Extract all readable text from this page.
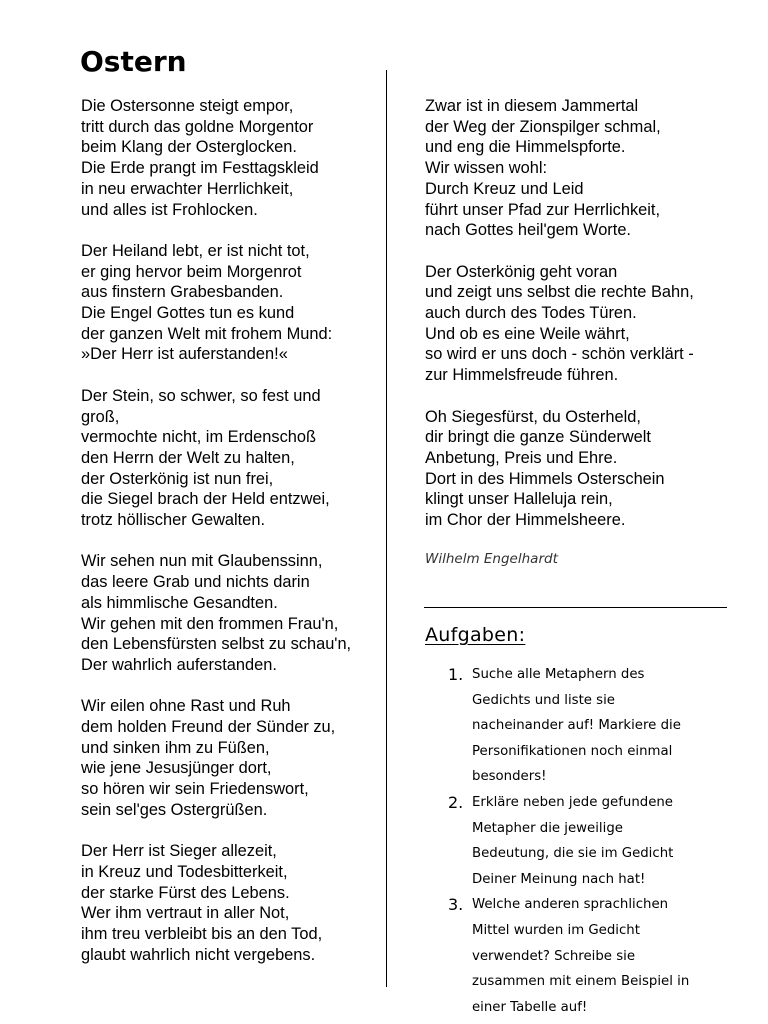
Ostern

Die Ostersonne steigt empor,
tritt durch das goldne Morgentor
beim Klang der Osterglocken.
Die Erde prangt im Festtagskleid
in neu erwachter Herrlichkeit,
und alles ist Frohlocken.

Der Heiland lebt, er ist nicht tot,
er ging hervor beim Morgenrot
aus finstern Grabesbanden.
Die Engel Gottes tun es kund
der ganzen Welt mit frohem Mund:
»Der Herr ist auferstanden!«

Der Stein, so schwer, so fest und
groß,
vermochte nicht, im Erdenschoß
den Herrn der Welt zu halten,
der Osterkönig ist nun frei,
die Siegel brach der Held entzwei,
trotz höllischer Gewalten.

Wir sehen nun mit Glaubenssinn,
das leere Grab und nichts darin
als himmlische Gesandten.
Wir gehen mit den frommen Frau'n,
den Lebensfürsten selbst zu schau'n,
Der wahrlich auferstanden.

Wir eilen ohne Rast und Ruh
dem holden Freund der Sünder zu,
und sinken ihm zu Füßen,
wie jene Jesusjünger dort,
so hören wir sein Friedenswort,
sein sel'ges Ostergrüßen.

Der Herr ist Sieger allezeit,
in Kreuz und Todesbitterkeit,
der starke Fürst des Lebens.
Wer ihm vertraut in aller Not,
ihm treu verbleibt bis an den Tod,
glaubt wahrlich nicht vergebens.

Zwar ist in diesem Jammertal
der Weg der Zionspilger schmal,
und eng die Himmelspforte.
Wir wissen wohl:
Durch Kreuz und Leid
führt unser Pfad zur Herrlichkeit,
nach Gottes heil'gem Worte.

Der Osterkönig geht voran
und zeigt uns selbst die rechte Bahn,
auch durch des Todes Türen.
Und ob es eine Weile währt,
so wird er uns doch - schön verklärt -
zur Himmelsfreude führen.

Oh Siegesfürst, du Osterheld,
dir bringt die ganze Sünderwelt
Anbetung, Preis und Ehre.
Dort in des Himmels Osterschein
klingt unser Halleluja rein,
im Chor der Himmelsheere.

Wilhelm Engelhardt

Aufgaben:
1. Suche alle Metaphern des
Gedichts und liste sie
nacheinander auf! Markiere die
Personifikationen noch einmal
besonders!
2. Erkläre neben jede gefundene
Metapher die jeweilige
Bedeutung, die sie im Gedicht
Deiner Meinung nach hat!
3. Welche anderen sprachlichen
Mittel wurden im Gedicht
verwendet? Schreibe sie
zusammen mit einem Beispiel in
einer Tabelle auf!
